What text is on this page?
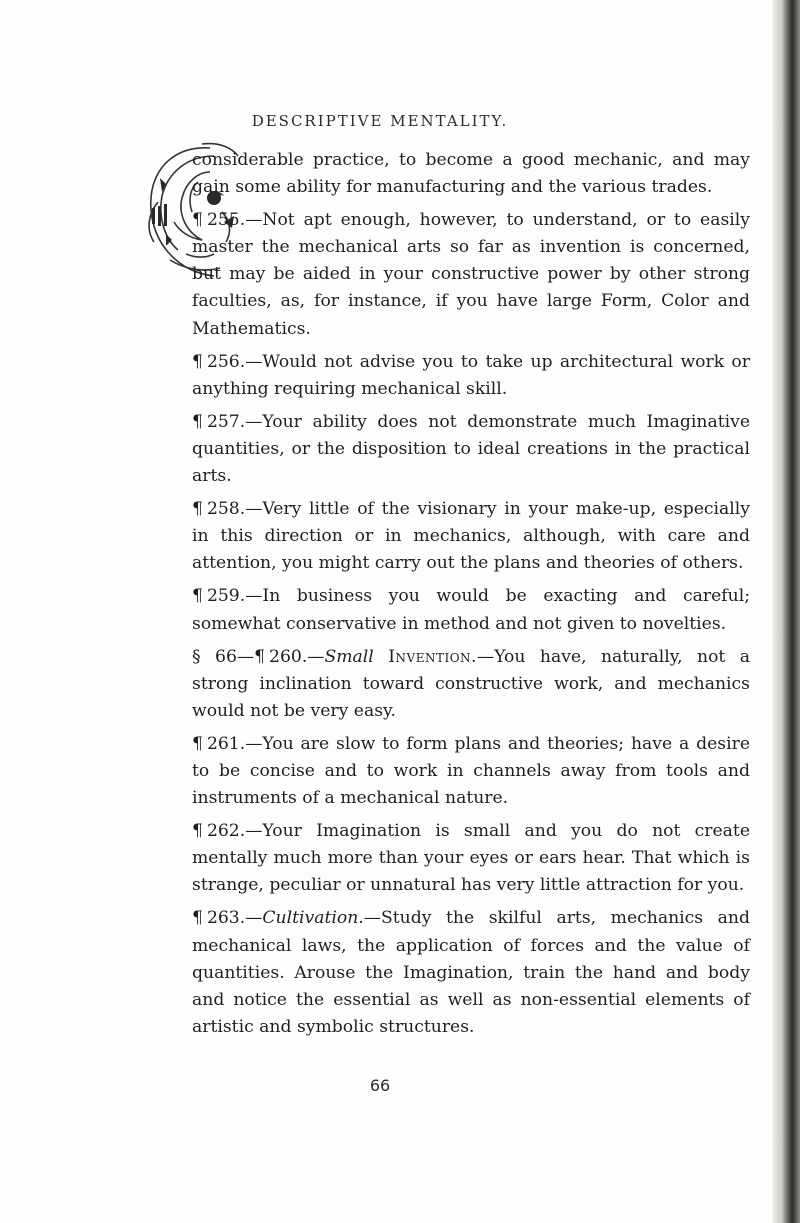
DESCRIPTIVE MENTALITY.

considerable practice, to become a good mechanic, and may gain some ability for manufacturing and the various trades.

¶ 255.—Not apt enough, however, to understand, or to easily master the mechanical arts so far as invention is concerned, but may be aided in your constructive power by other strong faculties, as, for instance, if you have large Form, Color and Mathematics.

¶ 256.—Would not advise you to take up architectural work or anything requiring mechanical skill.

¶ 257.—Your ability does not demonstrate much Imaginative quantities, or the disposition to ideal creations in the practical arts.

¶ 258.—Very little of the visionary in your make-up, especially in this direction or in mechanics, although, with care and attention, you might carry out the plans and theories of others.

¶ 259.—In business you would be exacting and careful; somewhat conservative in method and not given to novelties.

§ 66—¶ 260.—Small Invention.—You have, naturally, not a strong inclination toward constructive work, and mechanics would not be very easy.

¶ 261.—You are slow to form plans and theories; have a desire to be concise and to work in channels away from tools and instruments of a mechanical nature.

¶ 262.—Your Imagination is small and you do not create mentally much more than your eyes or ears hear. That which is strange, peculiar or unnatural has very little attraction for you.

¶ 263.—Cultivation.—Study the skilful arts, mechanics and mechanical laws, the application of forces and the value of quantities. Arouse the Imagination, train the hand and body and notice the essential as well as non-essential elements of artistic and symbolic structures.

66
